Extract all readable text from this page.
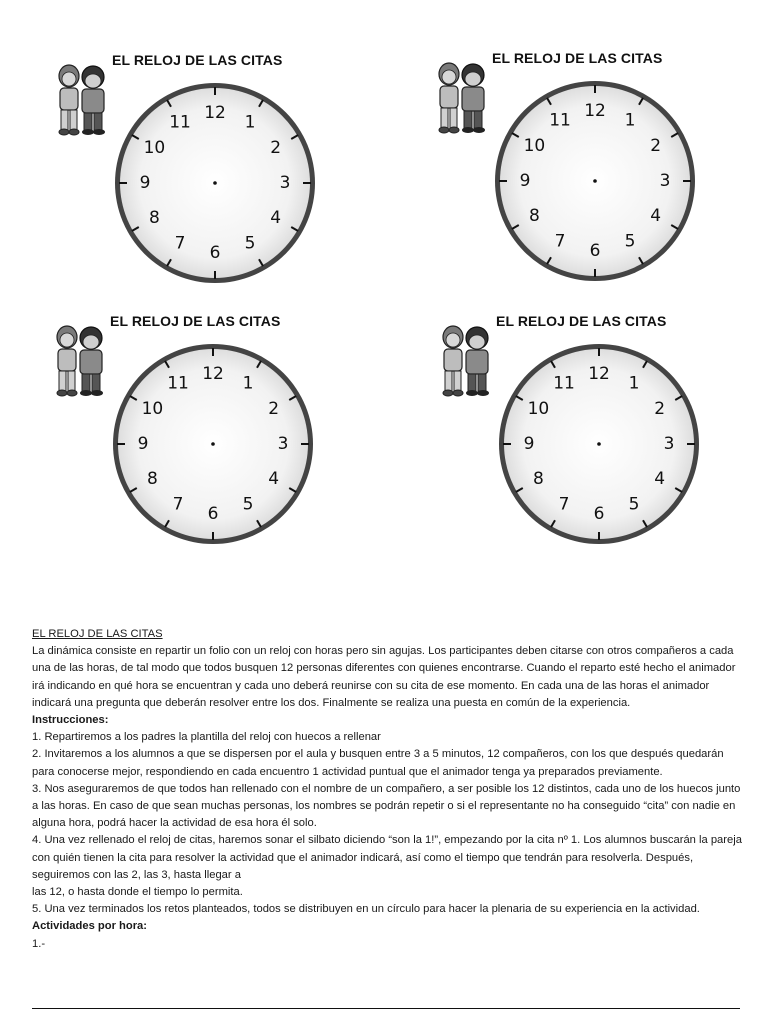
EL RELOJ DE LAS CITAS
12 1
2
3
4
5
6
7
8
9
10
11
EL RELOJ DE LAS CITAS
12 1
2
3
4
5
6
7
8
9
10
11
EL RELOJ DE LAS CITAS
12 1
2
3
4
5
6
7
8
9
10
11
EL RELOJ DE LAS CITAS
12 1
2
3
4
5
6
7
8
9
10
11

EL RELOJ DE LAS CITAS

La dinámica consiste en repartir un folio con un reloj con horas pero sin agujas. Los participantes deben citarse con otros compañeros a cada una de las horas, de tal modo que todos busquen 12 personas diferentes con quienes encontrarse. Cuando el reparto esté hecho el animador irá indicando en qué hora se encuentran y cada uno deberá reunirse con su cita de ese momento. En cada una de las horas el animador indicará una pregunta que deberán resolver entre los dos. Finalmente se realiza una puesta en común de la experiencia.

Instrucciones:

1. Repartiremos a los padres la plantilla del reloj con huecos a rellenar

2. Invitaremos a los alumnos a que se dispersen por el aula y busquen entre 3 a 5 minutos, 12 compañeros, con los que después quedarán para conocerse mejor, respondiendo en cada encuentro 1 actividad puntual que el animador tenga ya preparados previamente.

3. Nos aseguraremos de que todos han rellenado con el nombre de un compañero, a ser posible los 12 distintos, cada uno de los huecos junto a las horas. En caso de que sean muchas personas, los nombres se podrán repetir o si el representante no ha conseguido “cita” con nadie en alguna hora, podrá hacer la actividad de esa hora él solo.

4. Una vez rellenado el reloj de citas, haremos sonar el silbato diciendo “son la 1!”, empezando por la cita nº 1. Los alumnos buscarán la pareja con quién tienen la cita para resolver la actividad que el animador indicará, así como el tiempo que tendrán para resolverla. Después, seguiremos con las 2, las 3, hasta llegar a

las 12, o hasta donde el tiempo lo permita.

5. Una vez terminados los retos planteados, todos se distribuyen en un círculo para hacer la plenaria de su experiencia en la actividad.

Actividades por hora:

1.-
